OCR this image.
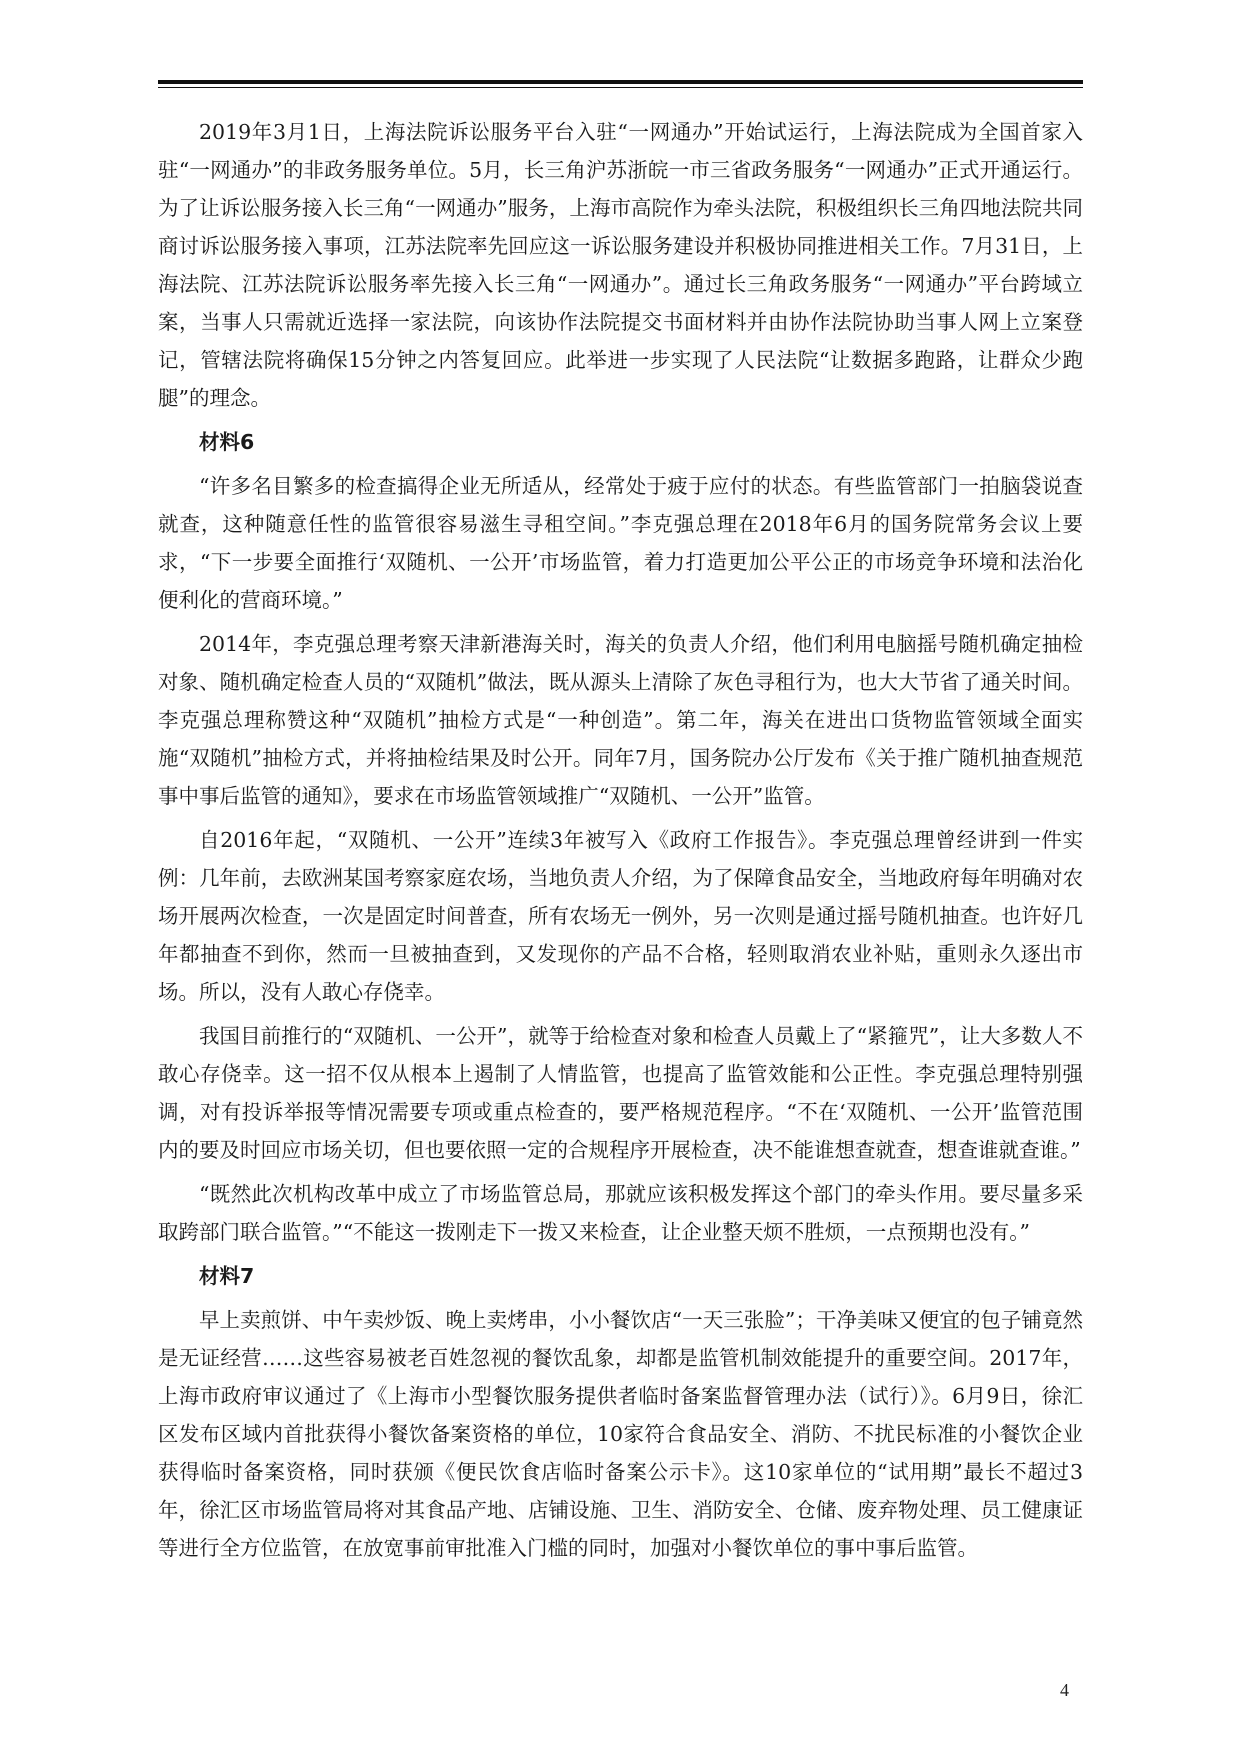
2019年3月1日，上海法院诉讼服务平台入驻“一网通办”开始试运行，上海法院成为全国首家入驻“一网通办”的非政务服务单位。5月，长三角沪苏浙皖一市三省政务服务“一网通办”正式开通运行。为了让诉讼服务接入长三角“一网通办”服务，上海市高院作为牵头法院，积极组织长三角四地法院共同商讨诉讼服务接入事项，江苏法院率先回应这一诉讼服务建设并积极协同推进相关工作。7月31日，上海法院、江苏法院诉讼服务率先接入长三角“一网通办”。通过长三角政务服务“一网通办”平台跨域立案，当事人只需就近选择一家法院，向该协作法院提交书面材料并由协作法院协助当事人网上立案登记，管辖法院将确保15分钟之内答复回应。此举进一步实现了人民法院“让数据多跑路，让群众少跑腿”的理念。

材料6

“许多名目繁多的检查搞得企业无所适从，经常处于疲于应付的状态。有些监管部门一拍脑袋说查就查，这种随意任性的监管很容易滋生寻租空间。”李克强总理在2018年6月的国务院常务会议上要求，“下一步要全面推行‘双随机、一公开’市场监管，着力打造更加公平公正的市场竞争环境和法治化便利化的营商环境。”

2014年，李克强总理考察天津新港海关时，海关的负责人介绍，他们利用电脑摇号随机确定抽检对象、随机确定检查人员的“双随机”做法，既从源头上清除了灰色寻租行为，也大大节省了通关时间。李克强总理称赞这种“双随机”抽检方式是“一种创造”。第二年，海关在进出口货物监管领域全面实施“双随机”抽检方式，并将抽检结果及时公开。同年7月，国务院办公厅发布《关于推广随机抽查规范事中事后监管的通知》，要求在市场监管领域推广“双随机、一公开”监管。

自2016年起，“双随机、一公开”连续3年被写入《政府工作报告》。李克强总理曾经讲到一件实例：几年前，去欧洲某国考察家庭农场，当地负责人介绍，为了保障食品安全，当地政府每年明确对农场开展两次检查，一次是固定时间普查，所有农场无一例外，另一次则是通过摇号随机抽查。也许好几年都抽查不到你，然而一旦被抽查到，又发现你的产品不合格，轻则取消农业补贴，重则永久逐出市场。所以，没有人敢心存侥幸。

我国目前推行的“双随机、一公开”，就等于给检查对象和检查人员戴上了“紧箍咒”，让大多数人不敢心存侥幸。这一招不仅从根本上遏制了人情监管，也提高了监管效能和公正性。李克强总理特别强调，对有投诉举报等情况需要专项或重点检查的，要严格规范程序。“不在‘双随机、一公开’监管范围内的要及时回应市场关切，但也要依照一定的合规程序开展检查，决不能谁想查就查，想查谁就查谁。”

“既然此次机构改革中成立了市场监管总局，那就应该积极发挥这个部门的牵头作用。要尽量多采取跨部门联合监管。”“不能这一拨刚走下一拨又来检查，让企业整天烦不胜烦，一点预期也没有。”

材料7

早上卖煎饼、中午卖炒饭、晚上卖烤串，小小餐饮店“一天三张脸”；干净美味又便宜的包子铺竟然是无证经营……这些容易被老百姓忽视的餐饮乱象，却都是监管机制效能提升的重要空间。2017年，上海市政府审议通过了《上海市小型餐饮服务提供者临时备案监督管理办法（试行）》。6月9日，徐汇区发布区域内首批获得小餐饮备案资格的单位，10家符合食品安全、消防、不扰民标准的小餐饮企业获得临时备案资格，同时获颁《便民饮食店临时备案公示卡》。这10家单位的“试用期”最长不超过3年，徐汇区市场监管局将对其食品产地、店铺设施、卫生、消防安全、仓储、废弃物处理、员工健康证等进行全方位监管，在放宽事前审批准入门槛的同时，加强对小餐饮单位的事中事后监管。

4
